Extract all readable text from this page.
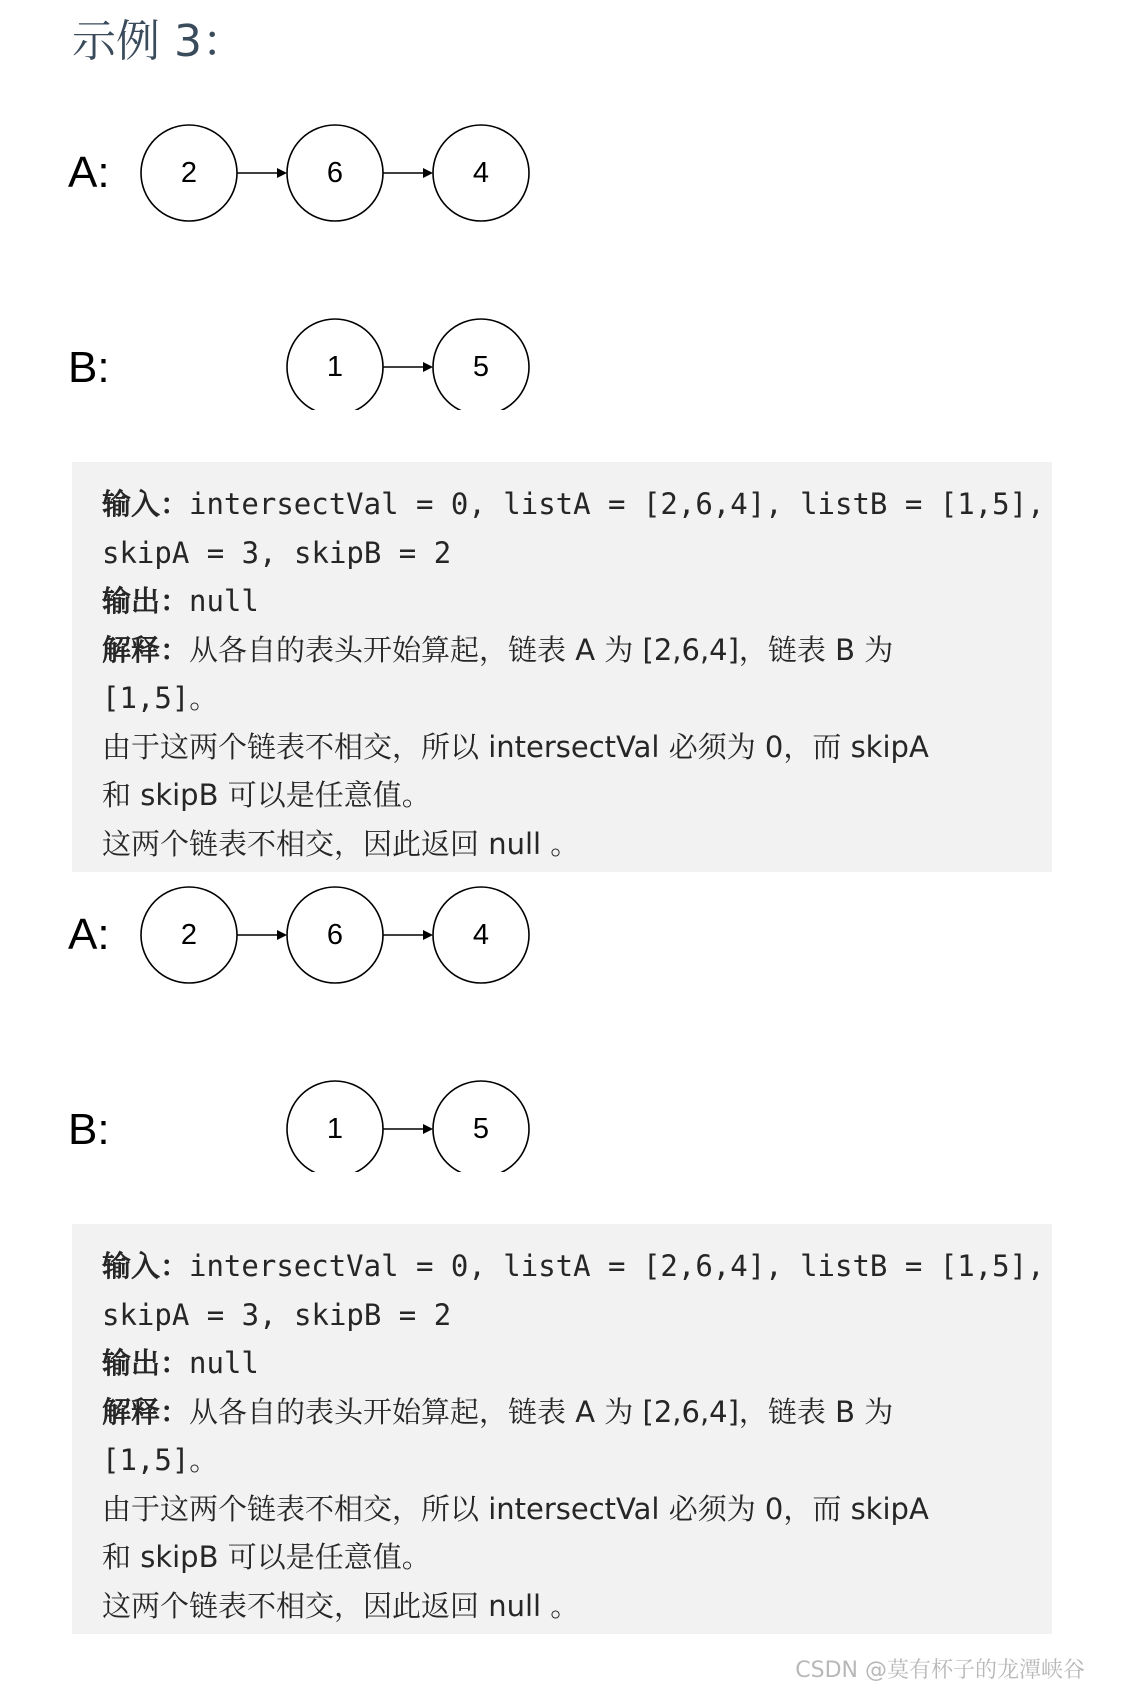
示例 3：
A: 2	6	4
B:	1	5
输入：intersectVal = 0, listA = [2,6,4], listB = [1,5],
skipA = 3, skipB = 2
输出：null
解释：从各自的表头开始算起，链表 A 为 [2,6,4]，链表 B 为
[1,5]。
由于这两个链表不相交，所以 intersectVal 必须为 0，而 skipA
和 skipB 可以是任意值。
这两个链表不相交，因此返回 null 。
A: 2	6	4
B:	1	5
输入：intersectVal = 0, listA = [2,6,4], listB = [1,5],
skipA = 3, skipB = 2
输出：null
解释：从各自的表头开始算起，链表 A 为 [2,6,4]，链表 B 为
[1,5]。
由于这两个链表不相交，所以 intersectVal 必须为 0，而 skipA
和 skipB 可以是任意值。
这两个链表不相交，因此返回 null 。
CSDN @莫有杯子的龙潭峡谷
